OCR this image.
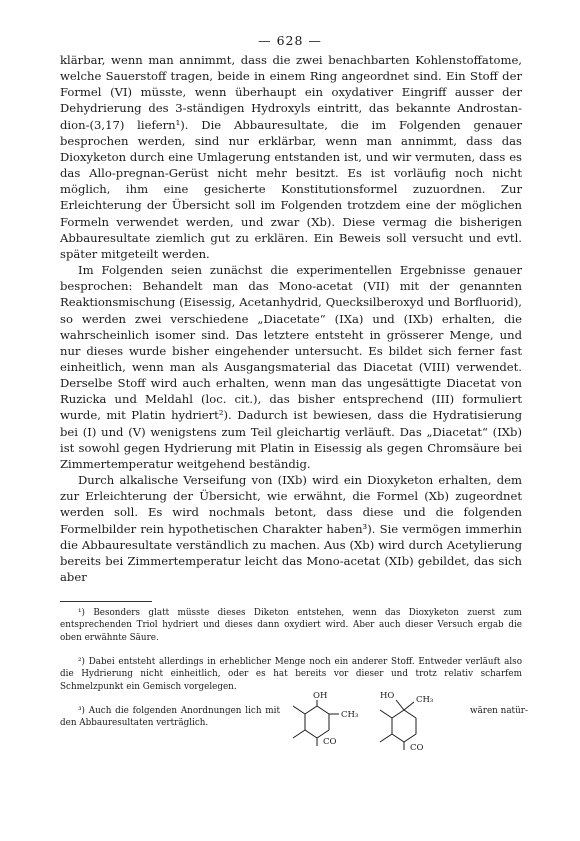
— 628 —

klärbar, wenn man annimmt, dass die zwei benachbarten Kohlenstoffatome, welche Sauerstoff tragen, beide in einem Ring angeordnet sind. Ein Stoff der Formel (VI) müsste, wenn überhaupt ein oxydativer Eingriff ausser der Dehydrierung des 3-ständigen Hydroxyls eintritt, das bekannte Androstan-dion-(3,17) liefern¹). Die Abbauresultate, die im Folgenden genauer besprochen werden, sind nur erklärbar, wenn man annimmt, dass das Dioxyketon durch eine Umlagerung entstanden ist, und wir vermuten, dass es das Allo-pregnan-Gerüst nicht mehr besitzt. Es ist vorläufig noch nicht möglich, ihm eine gesicherte Konstitutionsformel zuzuordnen. Zur Erleichterung der Übersicht soll im Folgenden trotzdem eine der möglichen Formeln verwendet werden, und zwar (Xb). Diese vermag die bisherigen Abbauresultate ziemlich gut zu erklären. Ein Beweis soll versucht und evtl. später mitgeteilt werden.

Im Folgenden seien zunächst die experimentellen Ergebnisse genauer besprochen: Behandelt man das Mono-acetat (VII) mit der genannten Reaktionsmischung (Eisessig, Acetanhydrid, Quecksilberoxyd und Borfluorid), so werden zwei verschiedene „Diacetate“ (IXa) und (IXb) erhalten, die wahrscheinlich isomer sind. Das letztere entsteht in grösserer Menge, und nur dieses wurde bisher eingehender untersucht. Es bildet sich ferner fast einheitlich, wenn man als Ausgangsmaterial das Diacetat (VIII) verwendet. Derselbe Stoff wird auch erhalten, wenn man das ungesättigte Diacetat von Ruzicka und Meldahl (loc. cit.), das bisher entsprechend (III) formuliert wurde, mit Platin hydriert²). Dadurch ist bewiesen, dass die Hydratisierung bei (I) und (V) wenigstens zum Teil gleichartig verläuft. Das „Diacetat“ (IXb) ist sowohl gegen Hydrierung mit Platin in Eisessig als gegen Chromsäure bei Zimmertemperatur weitgehend beständig.

Durch alkalische Verseifung von (IXb) wird ein Dioxyketon erhalten, dem zur Erleichterung der Übersicht, wie erwähnt, die Formel (Xb) zugeordnet werden soll. Es wird nochmals betont, dass diese und die folgenden Formelbilder rein hypothetischen Charakter haben³). Sie vermögen immerhin die Abbauresultate verständlich zu machen. Aus (Xb) wird durch Acetylierung bereits bei Zimmertemperatur leicht das Mono-acetat (XIb) gebildet, das sich aber

¹) Besonders glatt müsste dieses Diketon entstehen, wenn das Dioxyketon zuerst zum entsprechenden Triol hydriert und dieses dann oxydiert wird. Aber auch dieser Versuch ergab die oben erwähnte Säure.

²) Dabei entsteht allerdings in erheblicher Menge noch ein anderer Stoff. Entweder verläuft also die Hydrierung nicht einheitlich, oder es hat bereits vor dieser und trotz relativ scharfem Schmelzpunkt ein Gemisch vorgelegen.

³) Auch die folgenden Anordnungen lich mit den Abbauresultaten verträglich.

wären natür-
OH
CH₃
CO
HO	CH₃
CO
